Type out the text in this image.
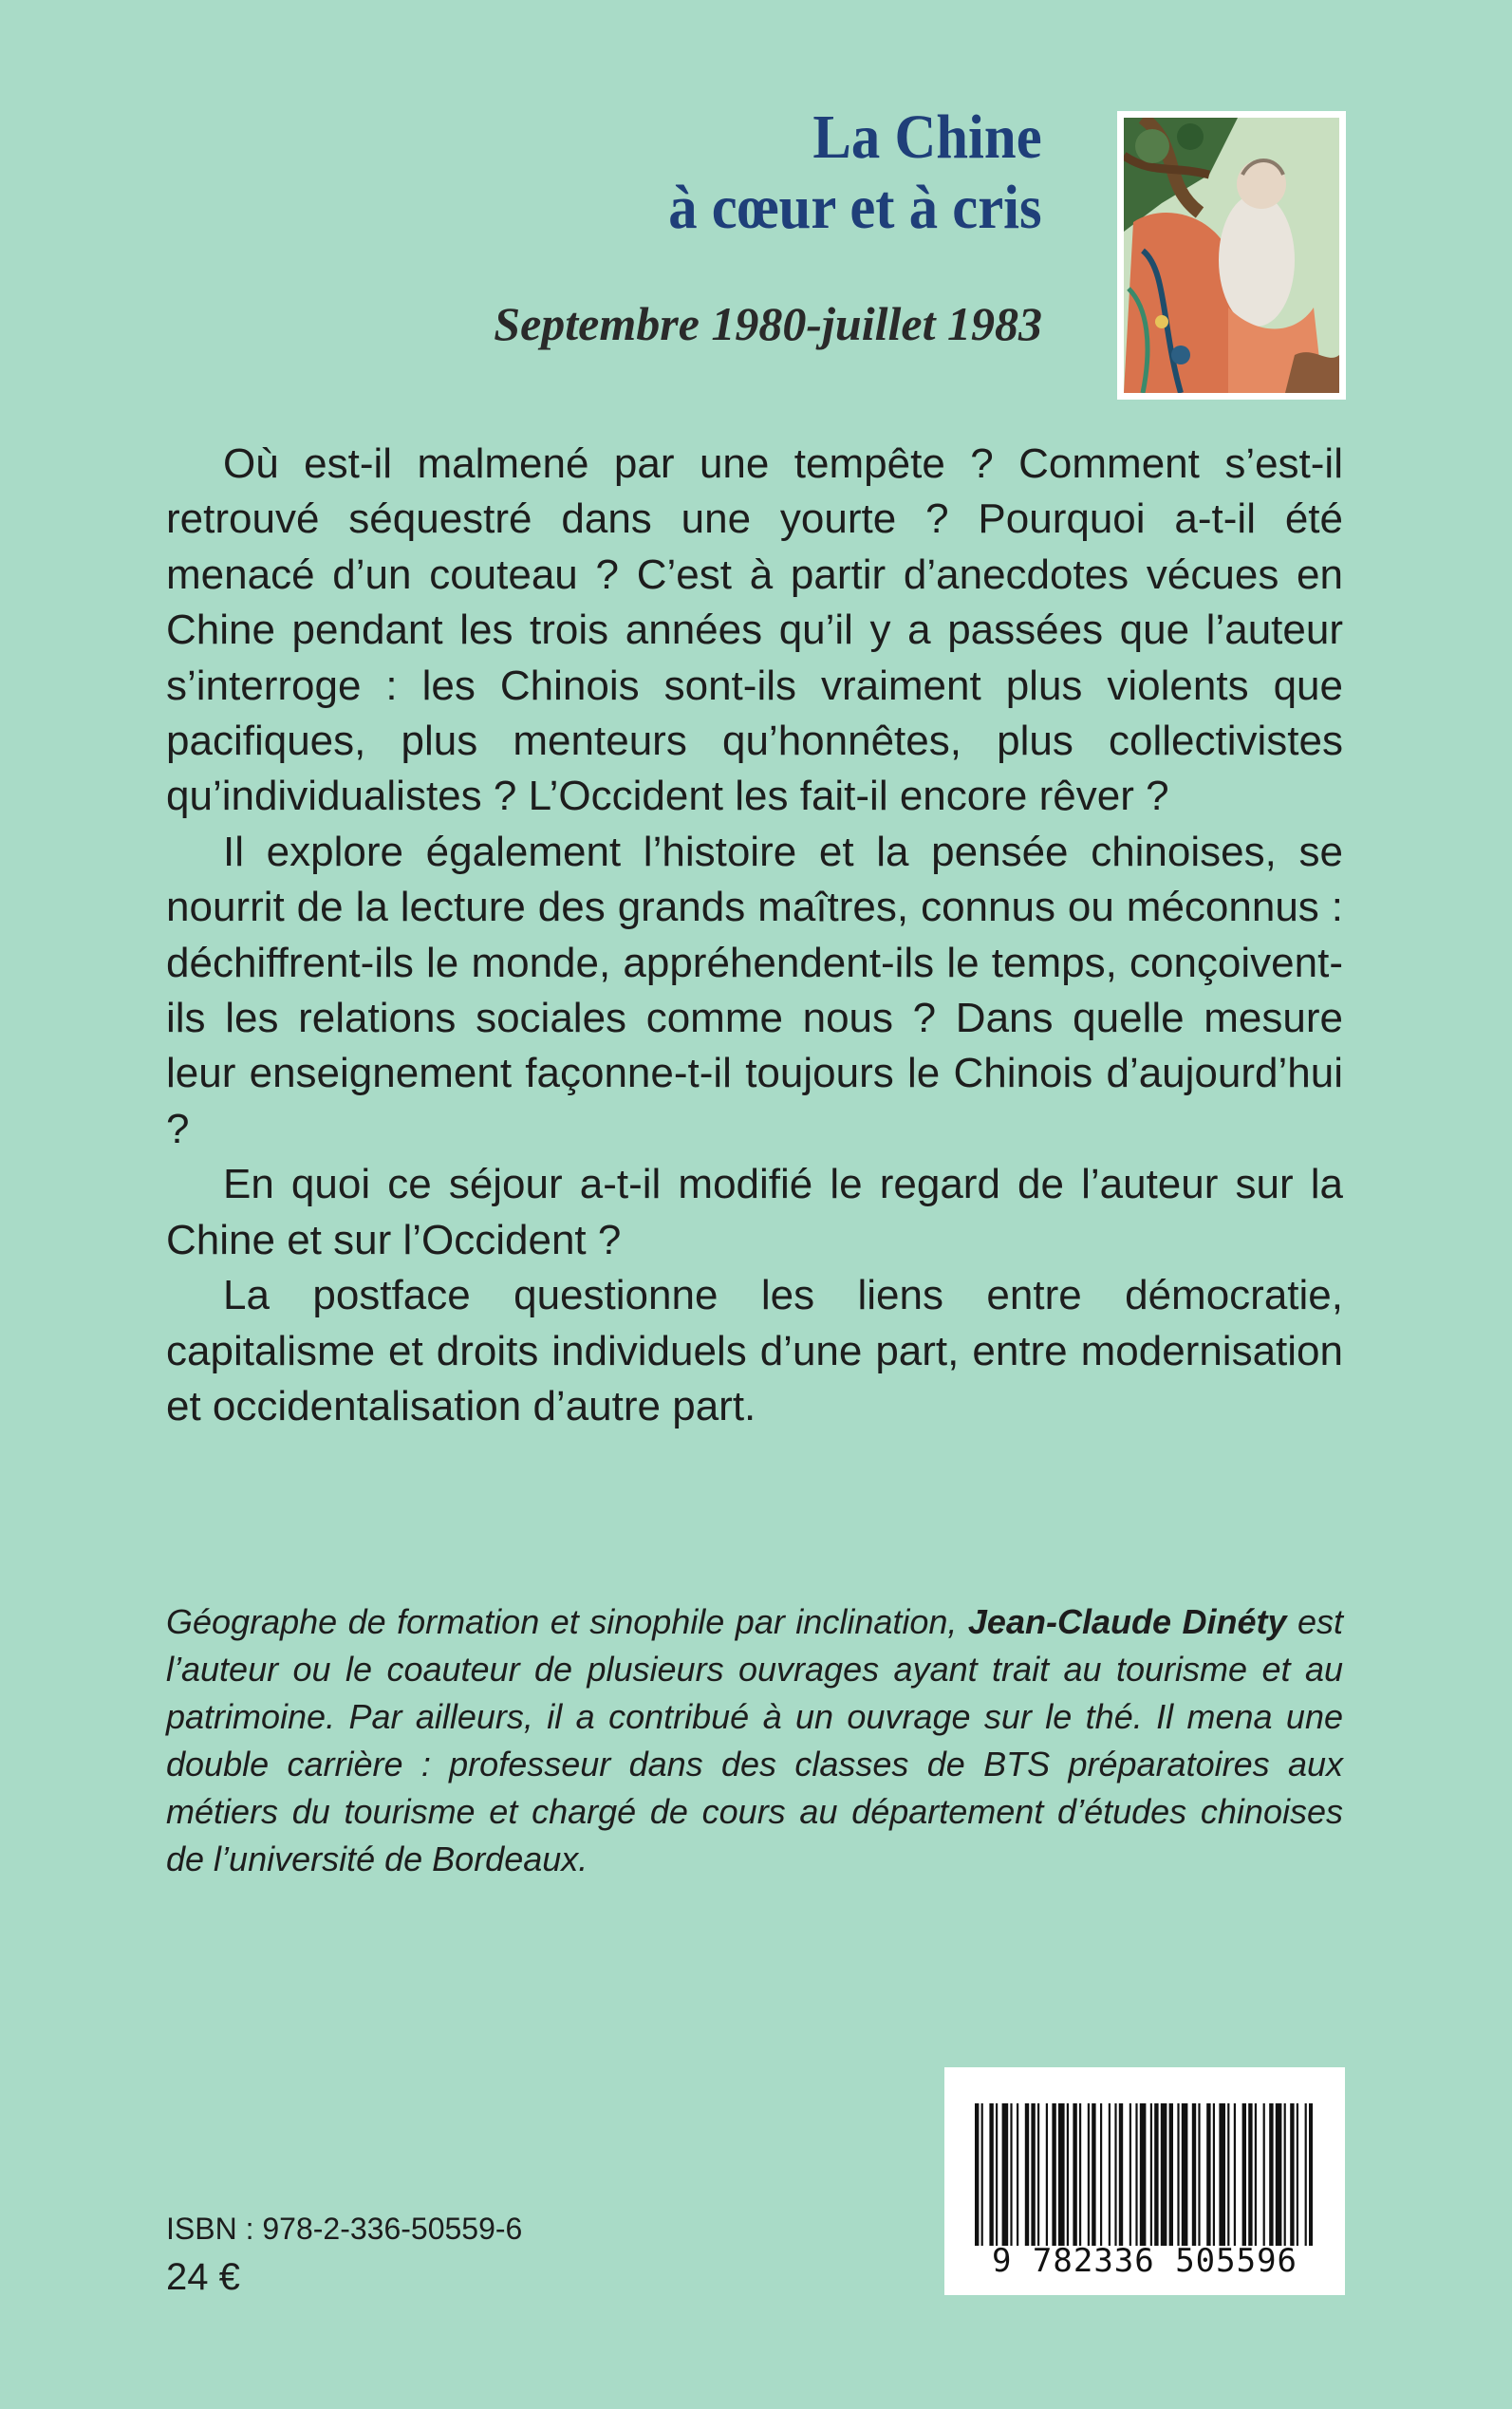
La Chine
à cœur et à cris
Septembre 1980-juillet 1983

Où est-il malmené par une tempête ? Comment s’est-il retrouvé séquestré dans une yourte ? Pourquoi a-t-il été menacé d’un couteau ? C’est à partir d’anecdotes vécues en Chine pendant les trois années qu’il y a passées que l’auteur s’interroge : les Chinois sont-ils vraiment plus violents que pacifiques, plus menteurs qu’honnêtes, plus collectivistes qu’individualistes ? L’Occident les fait-il encore rêver ?

Il explore également l’histoire et la pensée chinoises, se nourrit de la lecture des grands maîtres, connus ou méconnus : déchiffrent-ils le monde, appréhendent-ils le temps, conçoivent-ils les relations sociales comme nous ? Dans quelle mesure leur enseignement façonne-t-il toujours le Chinois d’aujourd’hui ?

En quoi ce séjour a-t-il modifié le regard de l’auteur sur la Chine et sur l’Occident ?

La postface questionne les liens entre démocratie, capitalisme et droits individuels d’une part, entre modernisation et occidentalisation d’autre part.

Géographe de formation et sinophile par inclination, Jean-Claude Dinéty est l’auteur ou le coauteur de plusieurs ouvrages ayant trait au tourisme et au patrimoine. Par ailleurs, il a contribué à un ouvrage sur le thé. Il mena une double carrière : professeur dans des classes de BTS préparatoires aux métiers du tourisme et chargé de cours au département d’études chinoises de l’université de Bordeaux.

ISBN : 978-2-336-50559-6
24 €	9 782336 505596
